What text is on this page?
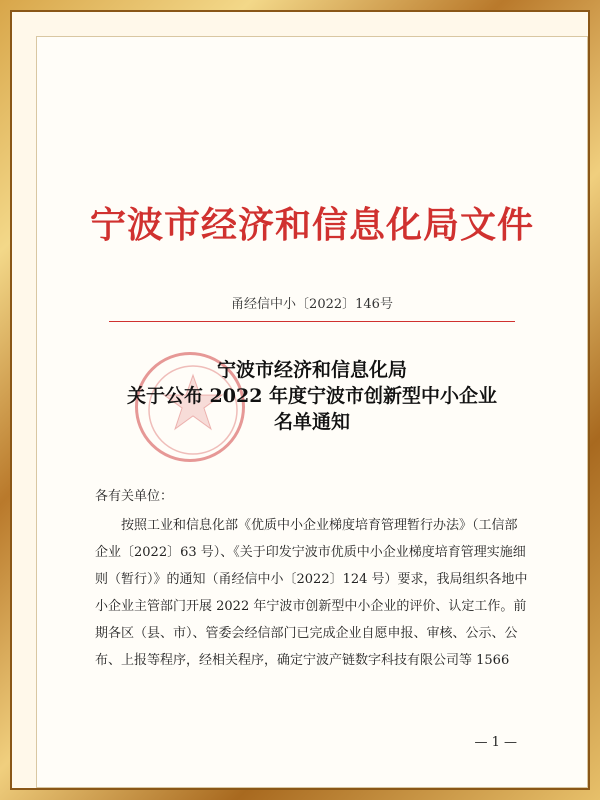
宁波市经济和信息化局文件
甬经信中小〔2022〕146号
宁波市经济和信息化局
关于公布 2022 年度宁波市创新型中小企业
名单通知
各有关单位：

按照工业和信息化部《优质中小企业梯度培育管理暂行办法》（工信部企业〔2022〕63 号）、《关于印发宁波市优质中小企业梯度培育管理实施细则（暂行）》的通知（甬经信中小〔2022〕124 号）要求，我局组织各地中小企业主管部门开展 2022 年宁波市创新型中小企业的评价、认定工作。前期各区（县、市）、管委会经信部门已完成企业自愿申报、审核、公示、公布、上报等程序，经相关程序，确定宁波产链数字科技有限公司等 1566

— 1 —
